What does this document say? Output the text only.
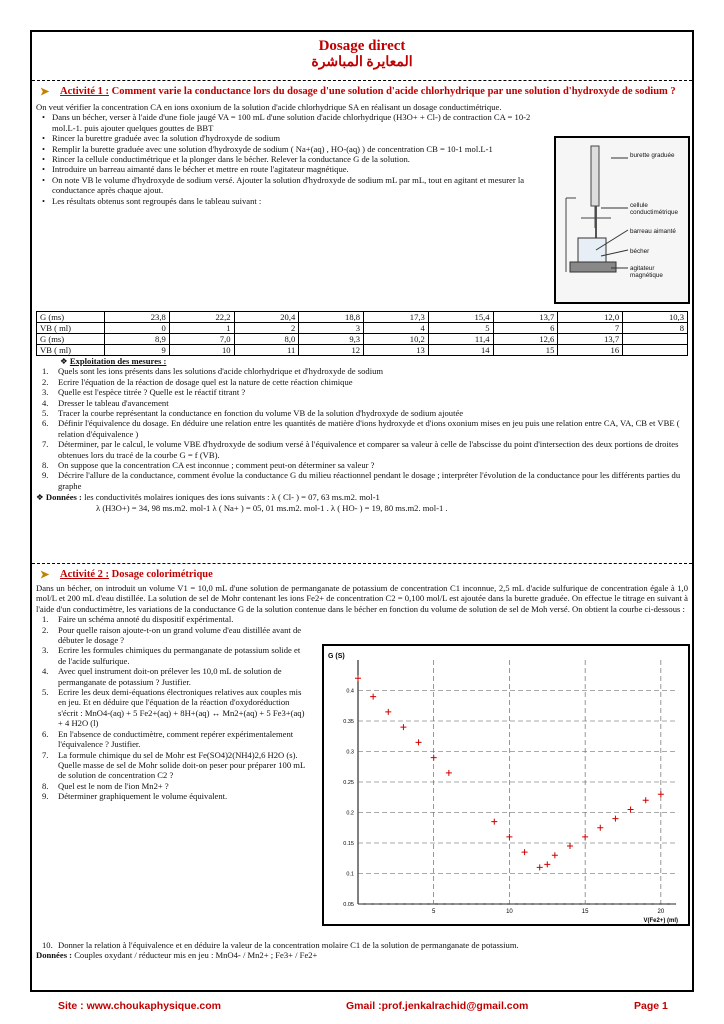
Dosage direct
المعايرة المباشرة
➤ Activité 1 : Comment varie la conductance lors du dosage d'une solution d'acide chlorhydrique par une solution d'hydroxyde de sodium ?

On veut vérifier la concentration CA en ions oxonium de la solution d'acide chlorhydrique SA en réalisant un dosage conductimétrique.

• Dans un bécher, verser à l'aide d'une fiole jaugé VA = 100 mL d'une solution d'acide chlorhydrique (H3O+ + Cl-) de contraction CA = 10-2 mol.L-1. puis ajouter quelques gouttes de BBT
• Rincer la burettre graduée avec la solution d'hydroxyde de sodium
• Remplir la burette graduée avec une solution d'hydroxyde de sodium ( Na+(aq) , HO-(aq) ) de concentration CB = 10-1 mol.L-1
• Rincer la cellule conductimétrique et la plonger dans le bécher. Relever la conductance G de la solution.
• Introduire un barreau aimanté dans le bécher et mettre en route l'agitateur magnétique.
• On note VB le volume d'hydroxyde de sodium versé. Ajouter la solution d'hydroxyde de sodium mL par mL, tout en agitant et mesurer la conductance après chaque ajout.
• Les résultats obtenus sont regroupés dans le tableau suivant :
burette graduée
cellule conductimétrique
barreau aimanté
bécher
agitateur magnétique
G (ms)	23,8	22,2	20,4	18,8	17,3	15,4	13,7	12,0	10,3
VB ( ml)	0	1	2	3	4	5	6	7	8
G (ms)	8,9	7,0	8,0	9,3	10,2	11,4	12,6	13,7	
VB ( ml)	9	10	11	12	13	14	15	16	

❖ Exploitation des mesures :

1. Quels sont les ions présents dans les solutions d'acide chlorhydrique et d'hydroxyde de sodium
2. Ecrire l'équation de la réaction de dosage quel est la nature de cette réaction chimique
3. Quelle est l'espèce titrée ? Quelle est le réactif titrant ?
4. Dresser le tableau d'avancement
5. Tracer la courbe représentant la conductance en fonction du volume VB de la solution d'hydroxyde de sodium ajoutée
6. Définir l'équivalence du dosage. En déduire une relation entre les quantités de matière d'ions hydroxyde et d'ions oxonium mises en jeu puis une relation entre CA, VA, CB et VBE ( relation d'équivalence )
7. Déterminer, par le calcul, le volume VBE d'hydroxyde de sodium versé à l'équivalence et comparer sa valeur à celle de l'abscisse du point d'intersection des deux portions de droites obtenues lors du tracé de la courbe G = f (VB).
8. On suppose que la concentration CA est inconnue ; comment peut-on déterminer sa valeur ?
9. Décrire l'allure de la conductance, comment évolue la conductance G du milieu réactionnel pendant le dosage ; interpréter l'évolution de la conductance pour les différents parties du graphe

❖ Données : les conductivités molaires ioniques des ions suivants : λ ( Cl- ) = 07, 63 ms.m2. mol-1

λ (H3O+) = 34, 98 ms.m2. mol-1 λ ( Na+ ) = 05, 01 ms.m2. mol-1 . λ ( HO- ) = 19, 80 ms.m2. mol-1 .

➤ Activité 2 : Dosage colorimétrique

Dans un bécher, on introduit un volume V1 = 10,0 mL d'une solution de permanganate de potassium de concentration C1 inconnue, 2,5 mL d'acide sulfurique de concentration égale à 1,0 mol/L et 200 mL d'eau distillée. La solution de sel de Mohr contenant les ions Fe2+ de concentration C2 = 0,100 mol/L est ajoutée dans la burette graduée. On effectue le titrage en suivant à l'aide d'un conductimètre, les variations de la conductance G de la solution contenue dans le bécher en fonction du volume de solution de sel de Moh versé. On obtient la courbe ci-dessous :

1. Faire un schéma annoté du dispositif expérimental.
2. Pour quelle raison ajoute-t-on un grand volume d'eau distillée avant de débuter le dosage ?
3. Ecrire les formules chimiques du permanganate de potassium solide et de l'acide sulfurique.
4. Avec quel instrument doit-on prélever les 10,0 mL de solution de permanganate de potassium ? Justifier.
5. Ecrire les deux demi-équations électroniques relatives aux couples mis en jeu. Et en déduire que l'équation de la réaction d'oxydoréduction s'écrit : MnO4-(aq) + 5 Fe2+(aq) + 8H+(aq) ↔ Mn2+(aq) + 5 Fe3+(aq) + 4 H2O (l)
6. En l'absence de conductimètre, comment repérer expérimentalement l'équivalence ? Justifier.
7. La formule chimique du sel de Mohr est Fe(SO4)2(NH4)2,6 H2O (s). Quelle masse de sel de Mohr solide doit-on peser pour préparer 100 mL de solution de concentration C2 ?
8. Quel est le nom de l'ion Mn2+ ?
9. Déterminer graphiquement le volume équivalent.
0.05
0.1
0.15
0.2
0.25
0.3
0.35
0.4
5	10	15	20
G (S)
V(Fe2+) (ml)
10. Donner la relation à l'équivalence et en déduire la valeur de la concentration molaire C1 de la solution de permanganate de potassium.

Données : Couples oxydant / réducteur mis en jeu : MnO4- / Mn2+ ; Fe3+ / Fe2+

Site : www.choukaphysique.com	Gmail :prof.jenkalrachid@gmail.com	Page 1
